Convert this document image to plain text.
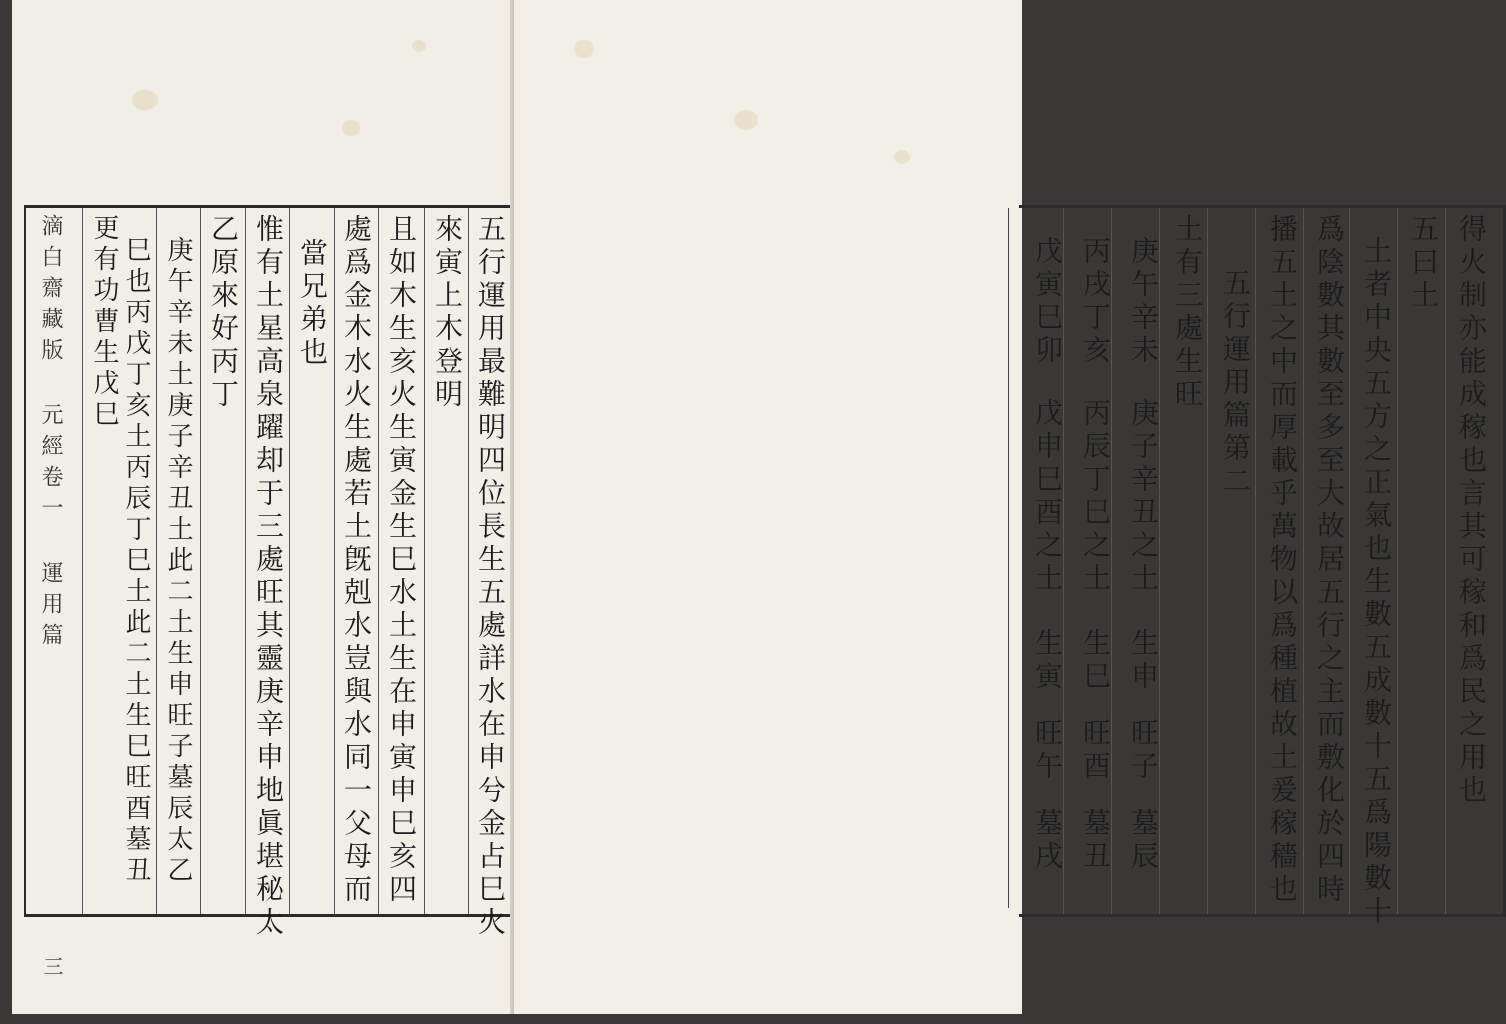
滴白齋藏版 元經卷一 運用篇
三
五行運用最難明四位長生五處詳水在申兮金占巳火
來寅上木登明
且如木生亥火生寅金生巳水土生在申寅申巳亥四
處爲金木水火生處若土旣剋水豈與水同一父母而
當兄弟也
惟有土星高泉躍却于三處旺其靈庚辛申地眞堪秘太
乙原來好丙丁
庚午辛未土庚子辛丑土此二土生申旺子墓辰太乙
巳也丙戊丁亥土丙辰丁巳土此二土生巳旺酉墓丑
更有功曹生戊巳	得火制亦能成稼也言其可稼和爲民之用也
五曰土
土者中央五方之正氣也生數五成數十五爲陽數十
爲陰數其數至多至大故居五行之主而敷化於四時
播五土之中而厚載乎萬物以爲種植故土爰稼穡也
五行運用篇第二
土有三處生旺
庚午辛未
庚子辛丑之土
生申
旺子
墓辰
丙戌丁亥
丙辰丁巳之土
生巳
旺酉
墓丑
戊寅巳卯
戊申巳酉之土
生寅
旺午
墓戌
